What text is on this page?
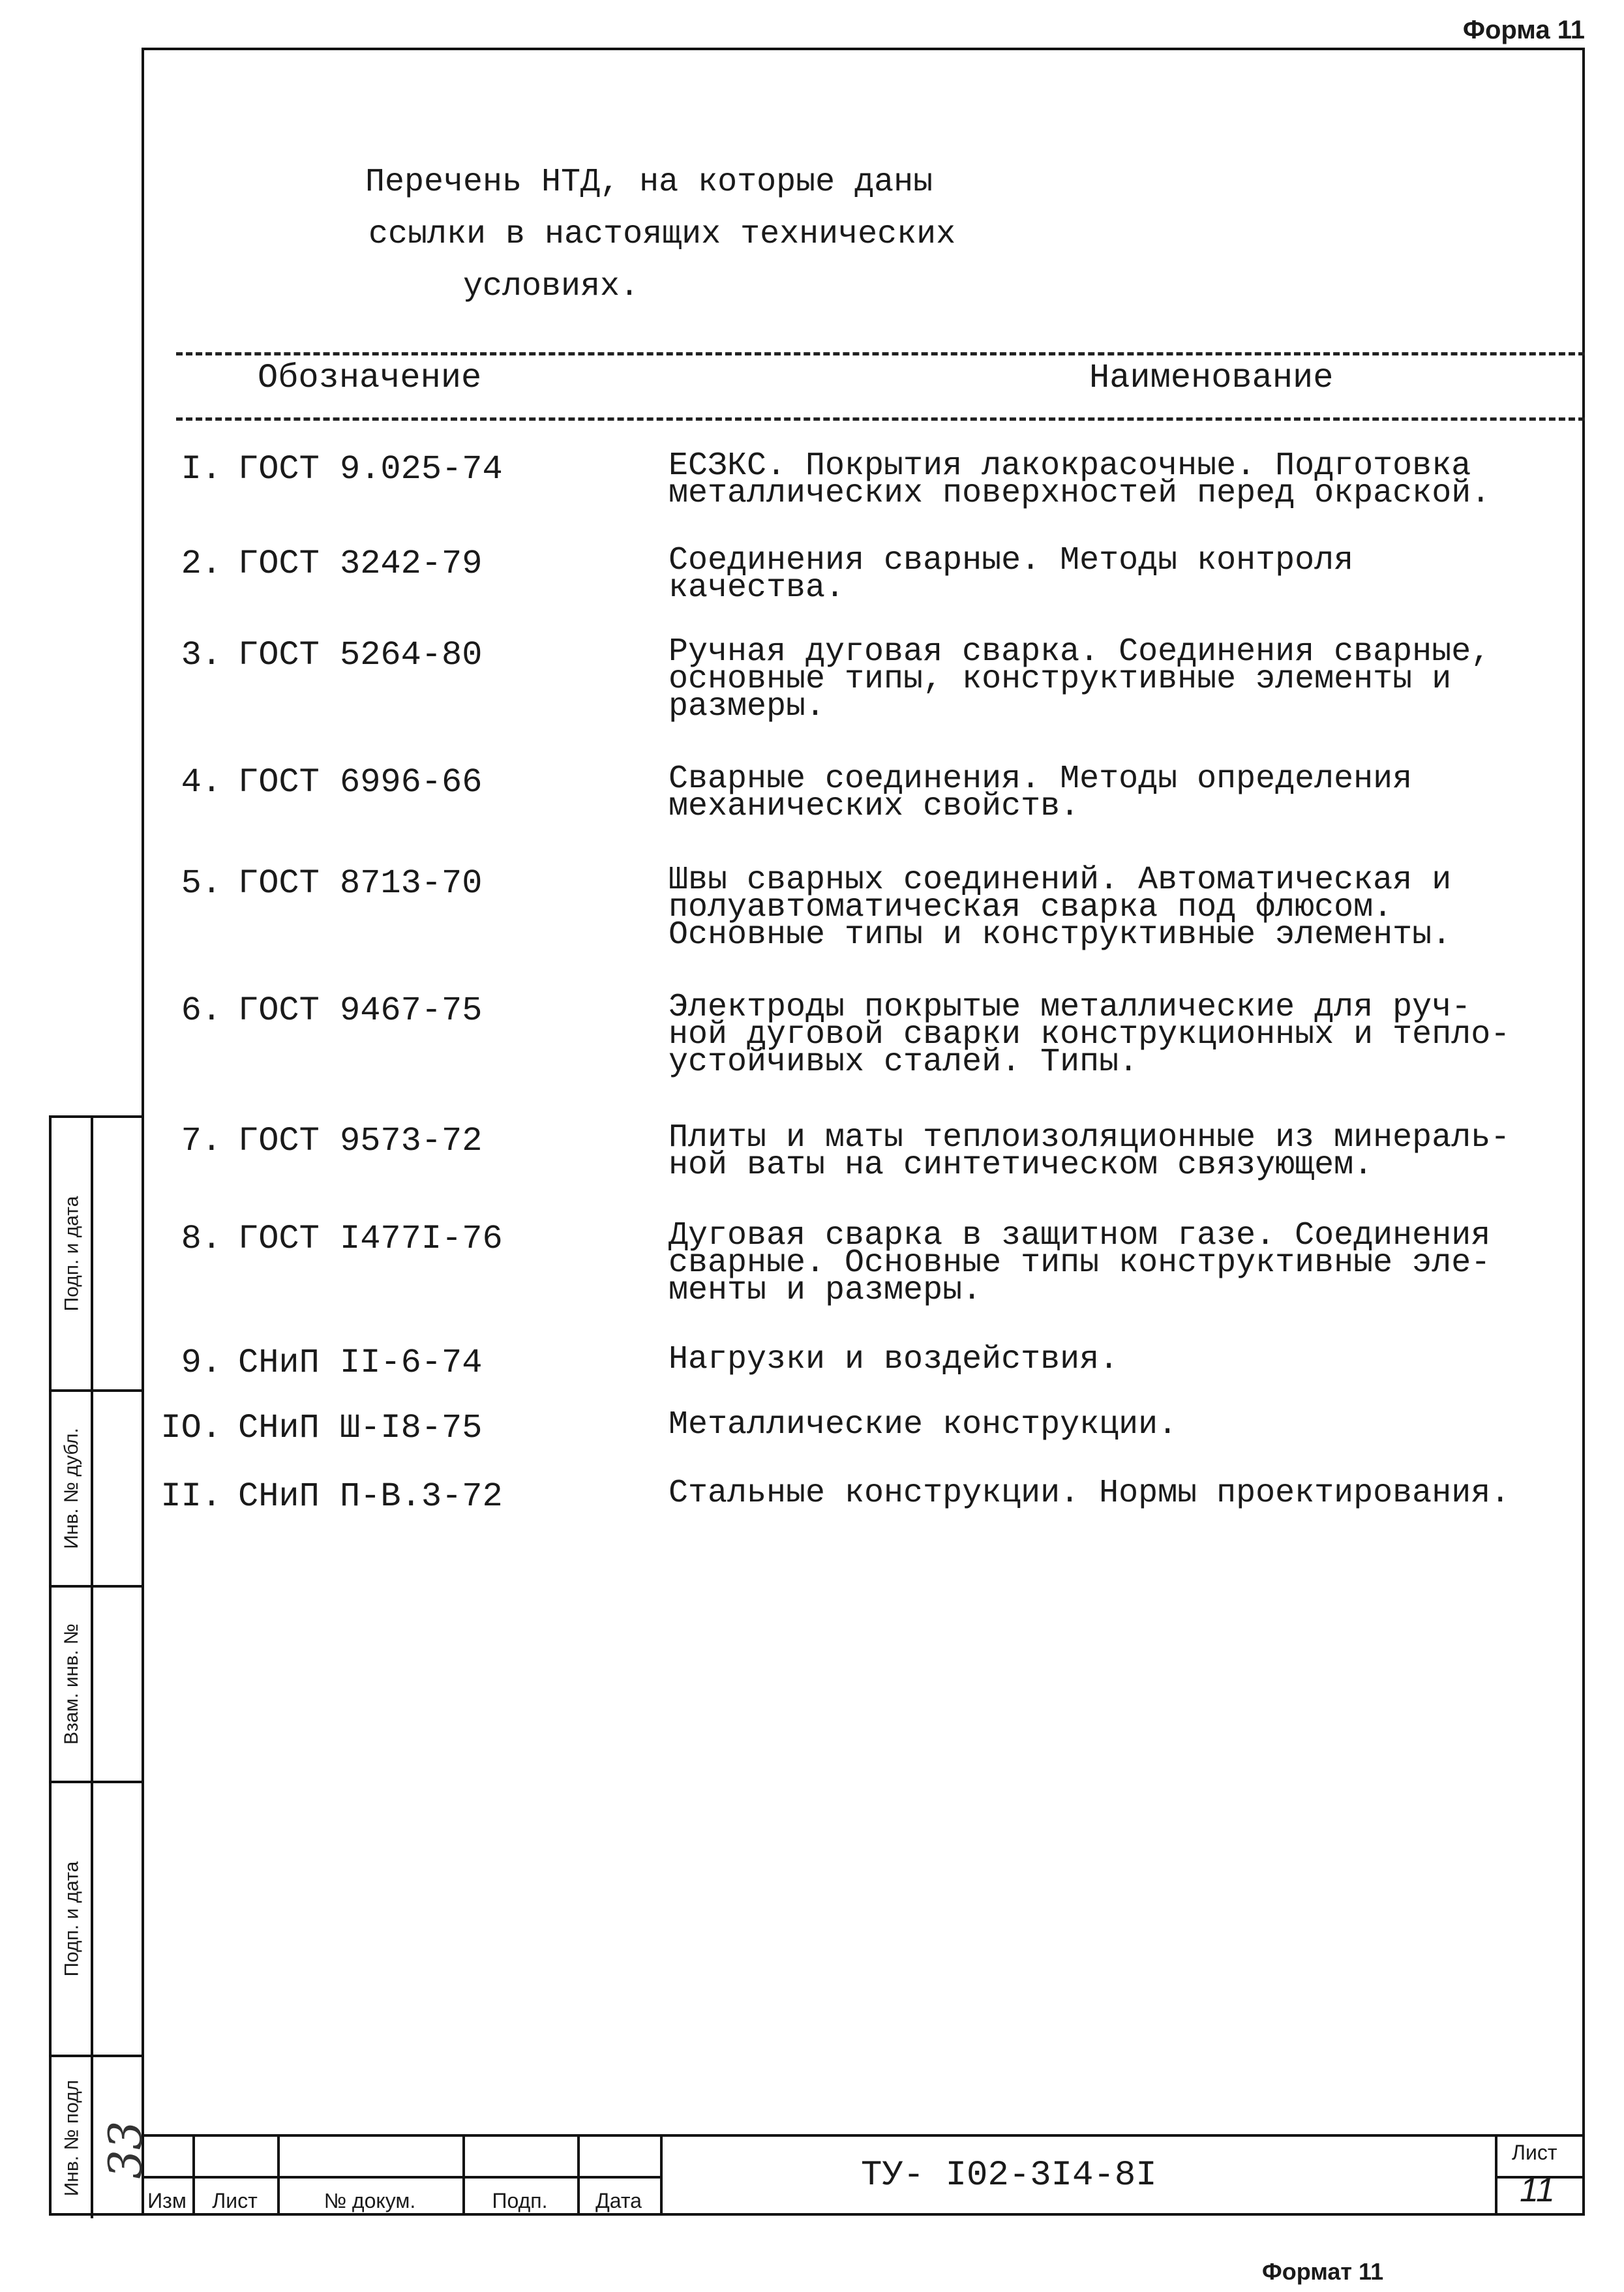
Форма 11
Перечень НТД, на которые даны
ссылки в настоящих технических
условиях.
Обозначение	Наименование
I. ГОСТ 9.025-74	ЕСЗКС. Покрытия лакокрасочные. Подготовка
металлических поверхностей перед окраской.
2. ГОСТ 3242-79	Соединения сварные. Методы контроля
качества.
3. ГОСТ 5264-80	Ручная дуговая сварка. Соединения сварные,
основные типы, конструктивные элементы и
размеры.
4. ГОСТ 6996-66	Сварные соединения. Методы определения
механических свойств.
5. ГОСТ 8713-70	Швы сварных соединений. Автоматическая и
полуавтоматическая сварка под флюсом.
Основные типы и конструктивные элементы.
6. ГОСТ 9467-75	Электроды покрытые металлические для руч-
ной дуговой сварки конструкционных и тепло-
устойчивых сталей. Типы.
7. ГОСТ 9573-72	Плиты и маты теплоизоляционные из минераль-
ной ваты на синтетическом связующем.
8. ГОСТ I477I-76	Дуговая сварка в защитном газе. Соединения
сварные. Основные типы конструктивные эле-
менты и размеры.
9. СНиП II-6-74	Нагрузки и воздействия.
IO. СНиП Ш-I8-75	Металлические конструкции.
II. СНиП П-В.3-72	Стальные конструкции. Нормы проектирования.
Подп. и дата
Инв. № дубл.
Взам. инв. №
Подп. и дата
Инв. № подл
Изм	Лист	№ докум.	Подп.	Дата
ТУ- I02-3I4-8I
Лист
11
33
Формат 11
